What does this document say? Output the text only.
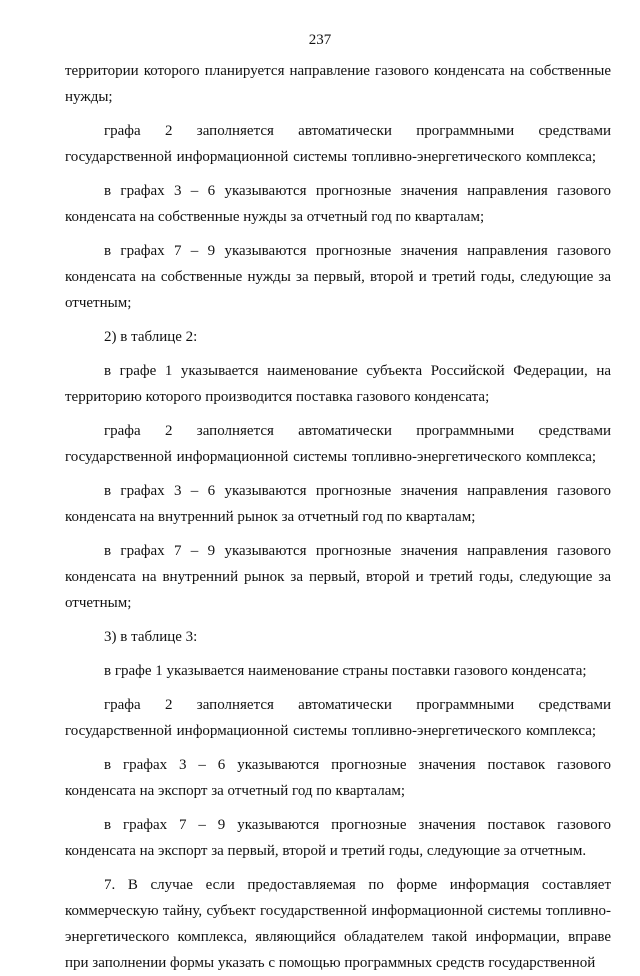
237

территории которого планируется направление газового конденсата на собственные нужды;

графа 2 заполняется автоматически программными средствами государственной информационной системы топливно-энергетического комплекса;

в графах 3 – 6 указываются прогнозные значения направления газового конденсата на собственные нужды за отчетный год по кварталам;

в графах 7 – 9 указываются прогнозные значения направления газового конденсата на собственные нужды за первый, второй и третий годы, следующие за отчетным;

2) в таблице 2:

в графе 1 указывается наименование субъекта Российской Федерации, на территорию которого производится поставка газового конденсата;

графа 2 заполняется автоматически программными средствами государственной информационной системы топливно-энергетического комплекса;

в графах 3 – 6 указываются прогнозные значения направления газового конденсата на внутренний рынок за отчетный год по кварталам;

в графах 7 – 9 указываются прогнозные значения направления газового конденсата на внутренний рынок за первый, второй и третий годы, следующие за отчетным;

3) в таблице 3:

в графе 1 указывается наименование страны поставки газового конденсата;

графа 2 заполняется автоматически программными средствами государственной информационной системы топливно-энергетического комплекса;

в графах 3 – 6 указываются прогнозные значения поставок газового конденсата на экспорт за отчетный год по кварталам;

в графах 7 – 9 указываются прогнозные значения поставок газового конденсата на экспорт за первый, второй и третий годы, следующие за отчетным.

7. В случае если предоставляемая по форме информация составляет коммерческую тайну, субъект государственной информационной системы топливно-энергетического комплекса, являющийся обладателем такой информации, вправе при заполнении формы указать с помощью программных средств государственной
